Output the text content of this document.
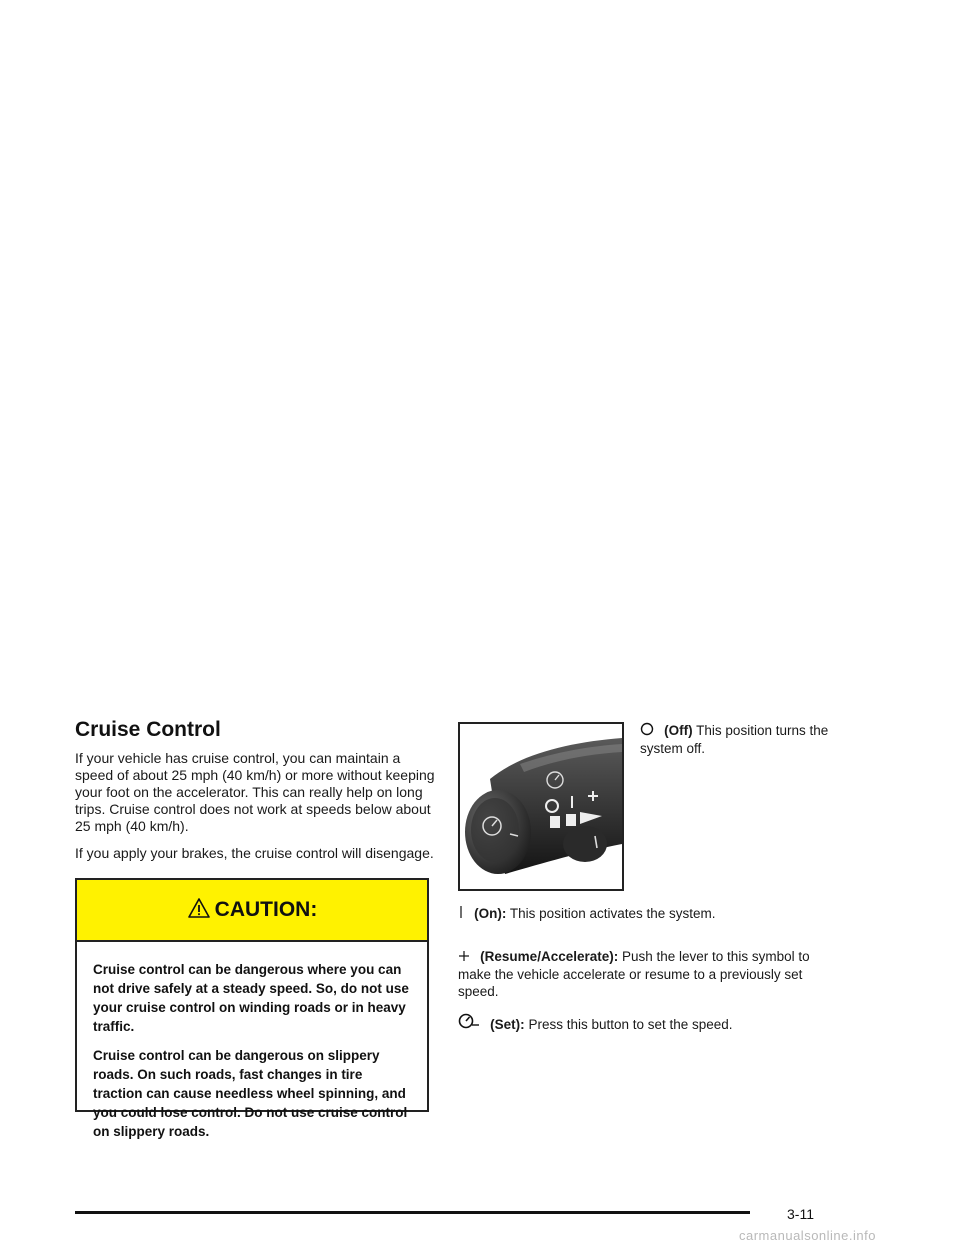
Cruise Control

If your vehicle has cruise control, you can maintain a speed of about 25 mph (40 km/h) or more without keeping your foot on the accelerator. This can really help on long trips. Cruise control does not work at speeds below about 25 mph (40 km/h).

If you apply your brakes, the cruise control will disengage.

CAUTION:

Cruise control can be dangerous where you can not drive safely at a steady speed. So, do not use your cruise control on winding roads or in heavy traffic.

Cruise control can be dangerous on slippery roads. On such roads, fast changes in tire traction can cause needless wheel spinning, and you could lose control. Do not use cruise control on slippery roads.

(Off) This position turns the system off.
(On): This position activates the system.
(Resume/Accelerate): Push the lever to this symbol to make the vehicle accelerate or resume to a previously set speed.
(Set): Press this button to set the speed.
3-11
carmanualsonline.info
